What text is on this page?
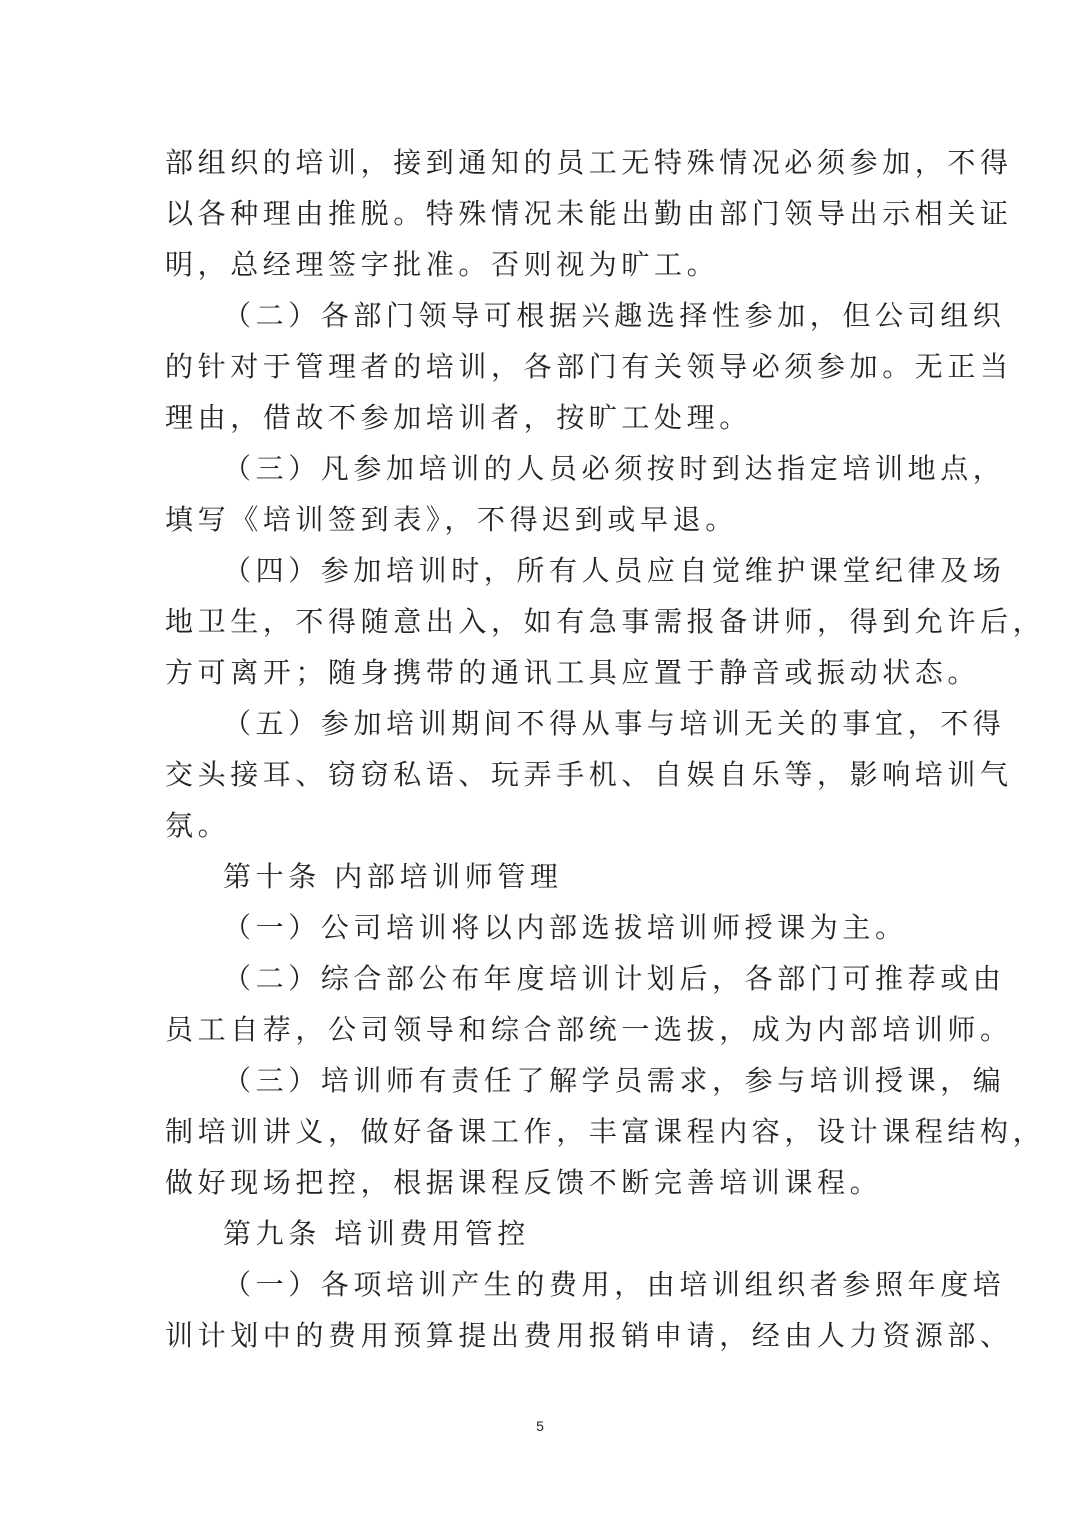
部组织的培训，接到通知的员工无特殊情况必须参加，不得
以各种理由推脱。特殊情况未能出勤由部门领导出示相关证
明，总经理签字批准。否则视为旷工。
（二）各部门领导可根据兴趣选择性参加，但公司组织
的针对于管理者的培训，各部门有关领导必须参加。无正当
理由，借故不参加培训者，按旷工处理。
（三）凡参加培训的人员必须按时到达指定培训地点，
填写《培训签到表》，不得迟到或早退。
（四）参加培训时，所有人员应自觉维护课堂纪律及场
地卫生，不得随意出入，如有急事需报备讲师，得到允许后，
方可离开；随身携带的通讯工具应置于静音或振动状态。
（五）参加培训期间不得从事与培训无关的事宜，不得
交头接耳、窃窃私语、玩弄手机、自娱自乐等，影响培训气
氛。
第十条 内部培训师管理
（一）公司培训将以内部选拔培训师授课为主。
（二）综合部公布年度培训计划后，各部门可推荐或由
员工自荐，公司领导和综合部统一选拔，成为内部培训师。
（三）培训师有责任了解学员需求，参与培训授课，编
制培训讲义，做好备课工作，丰富课程内容，设计课程结构，
做好现场把控，根据课程反馈不断完善培训课程。
第九条 培训费用管控
（一）各项培训产生的费用，由培训组织者参照年度培
训计划中的费用预算提出费用报销申请，经由人力资源部、
5
